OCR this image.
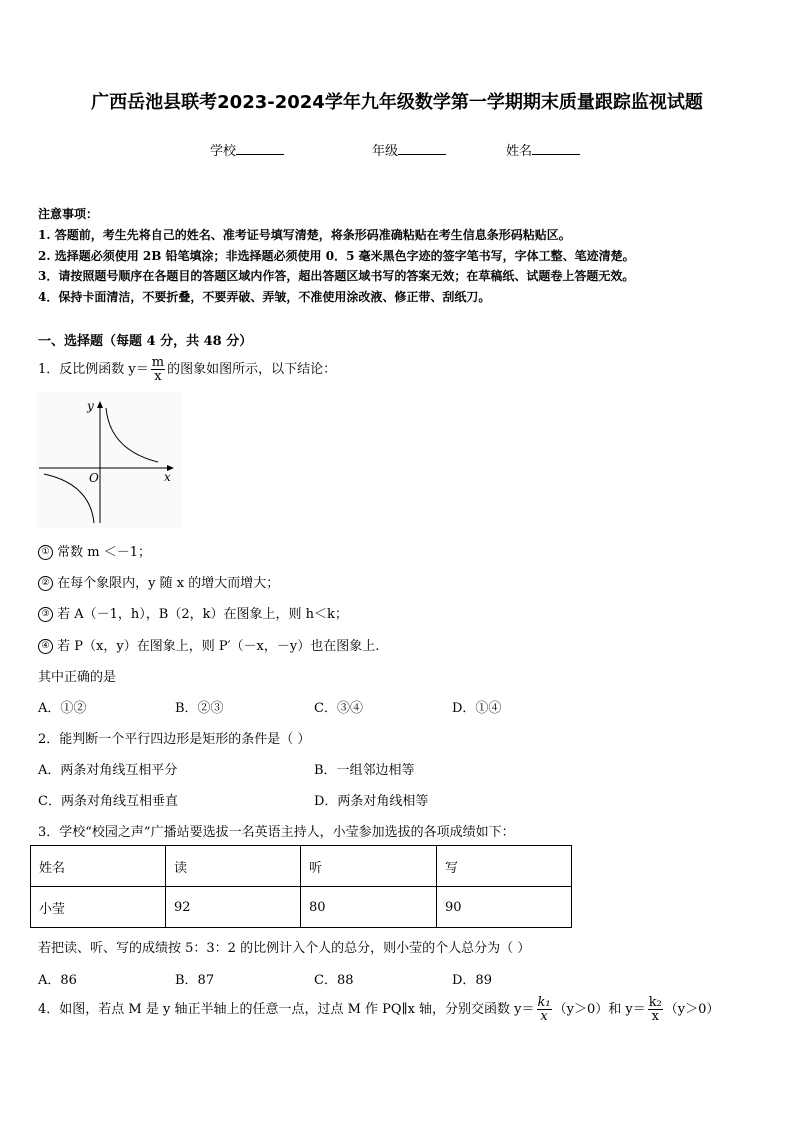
广西岳池县联考2023-2024学年九年级数学第一学期期末质量跟踪监视试题
学校	年级	姓名
注意事项：
1. 答题前，考生先将自己的姓名、准考证号填写清楚，将条形码准确粘贴在考生信息条形码粘贴区。
2. 选择题必须使用 2B 铅笔填涂；非选择题必须使用 0．5 毫米黑色字迹的签字笔书写，字体工整、笔迹清楚。
3．请按照题号顺序在各题目的答题区域内作答，超出答题区域书写的答案无效；在草稿纸、试题卷上答题无效。
4．保持卡面清洁，不要折叠，不要弄破、弄皱，不准使用涂改液、修正带、刮纸刀。
一、选择题（每题 4 分，共 48 分）
1．反比例函数 $y= \frac{m}{x}$ 的图象如图所示，以下结论：
y
x
O
① 常数 m ＜－1；
② 在每个象限内，y 随 x 的增大而增大；
③ 若 A（－1，h），B（2，k）在图象上，则 h＜k；
④ 若 P（x，y）在图象上，则 P′（－x，－y）也在图象上.
其中正确的是
A．①②	B．②③	C．③④	D．①④
2．能判断一个平行四边形是矩形的条件是（ ）
A．两条对角线互相平分	B．一组邻边相等
C．两条对角线互相垂直	D．两条对角线相等
3．学校“校园之声”广播站要选拔一名英语主持人，小莹参加选拔的各项成绩如下：
姓名	读	听	写
小莹	92	80	90
若把读、听、写的成绩按 5：3：2 的比例计入个人的总分，则小莹的个人总分为（ ）
A．86	B．87	C．88	D．89
4．如图，若点 M 是 y 轴正半轴上的任意一点，过点 M 作 PQ∥x 轴，分别交函数 $y= \frac{\text{k₁}}{x} (y>0)$和 $y= \frac{\text{k₂}}{x} (y>0)$
